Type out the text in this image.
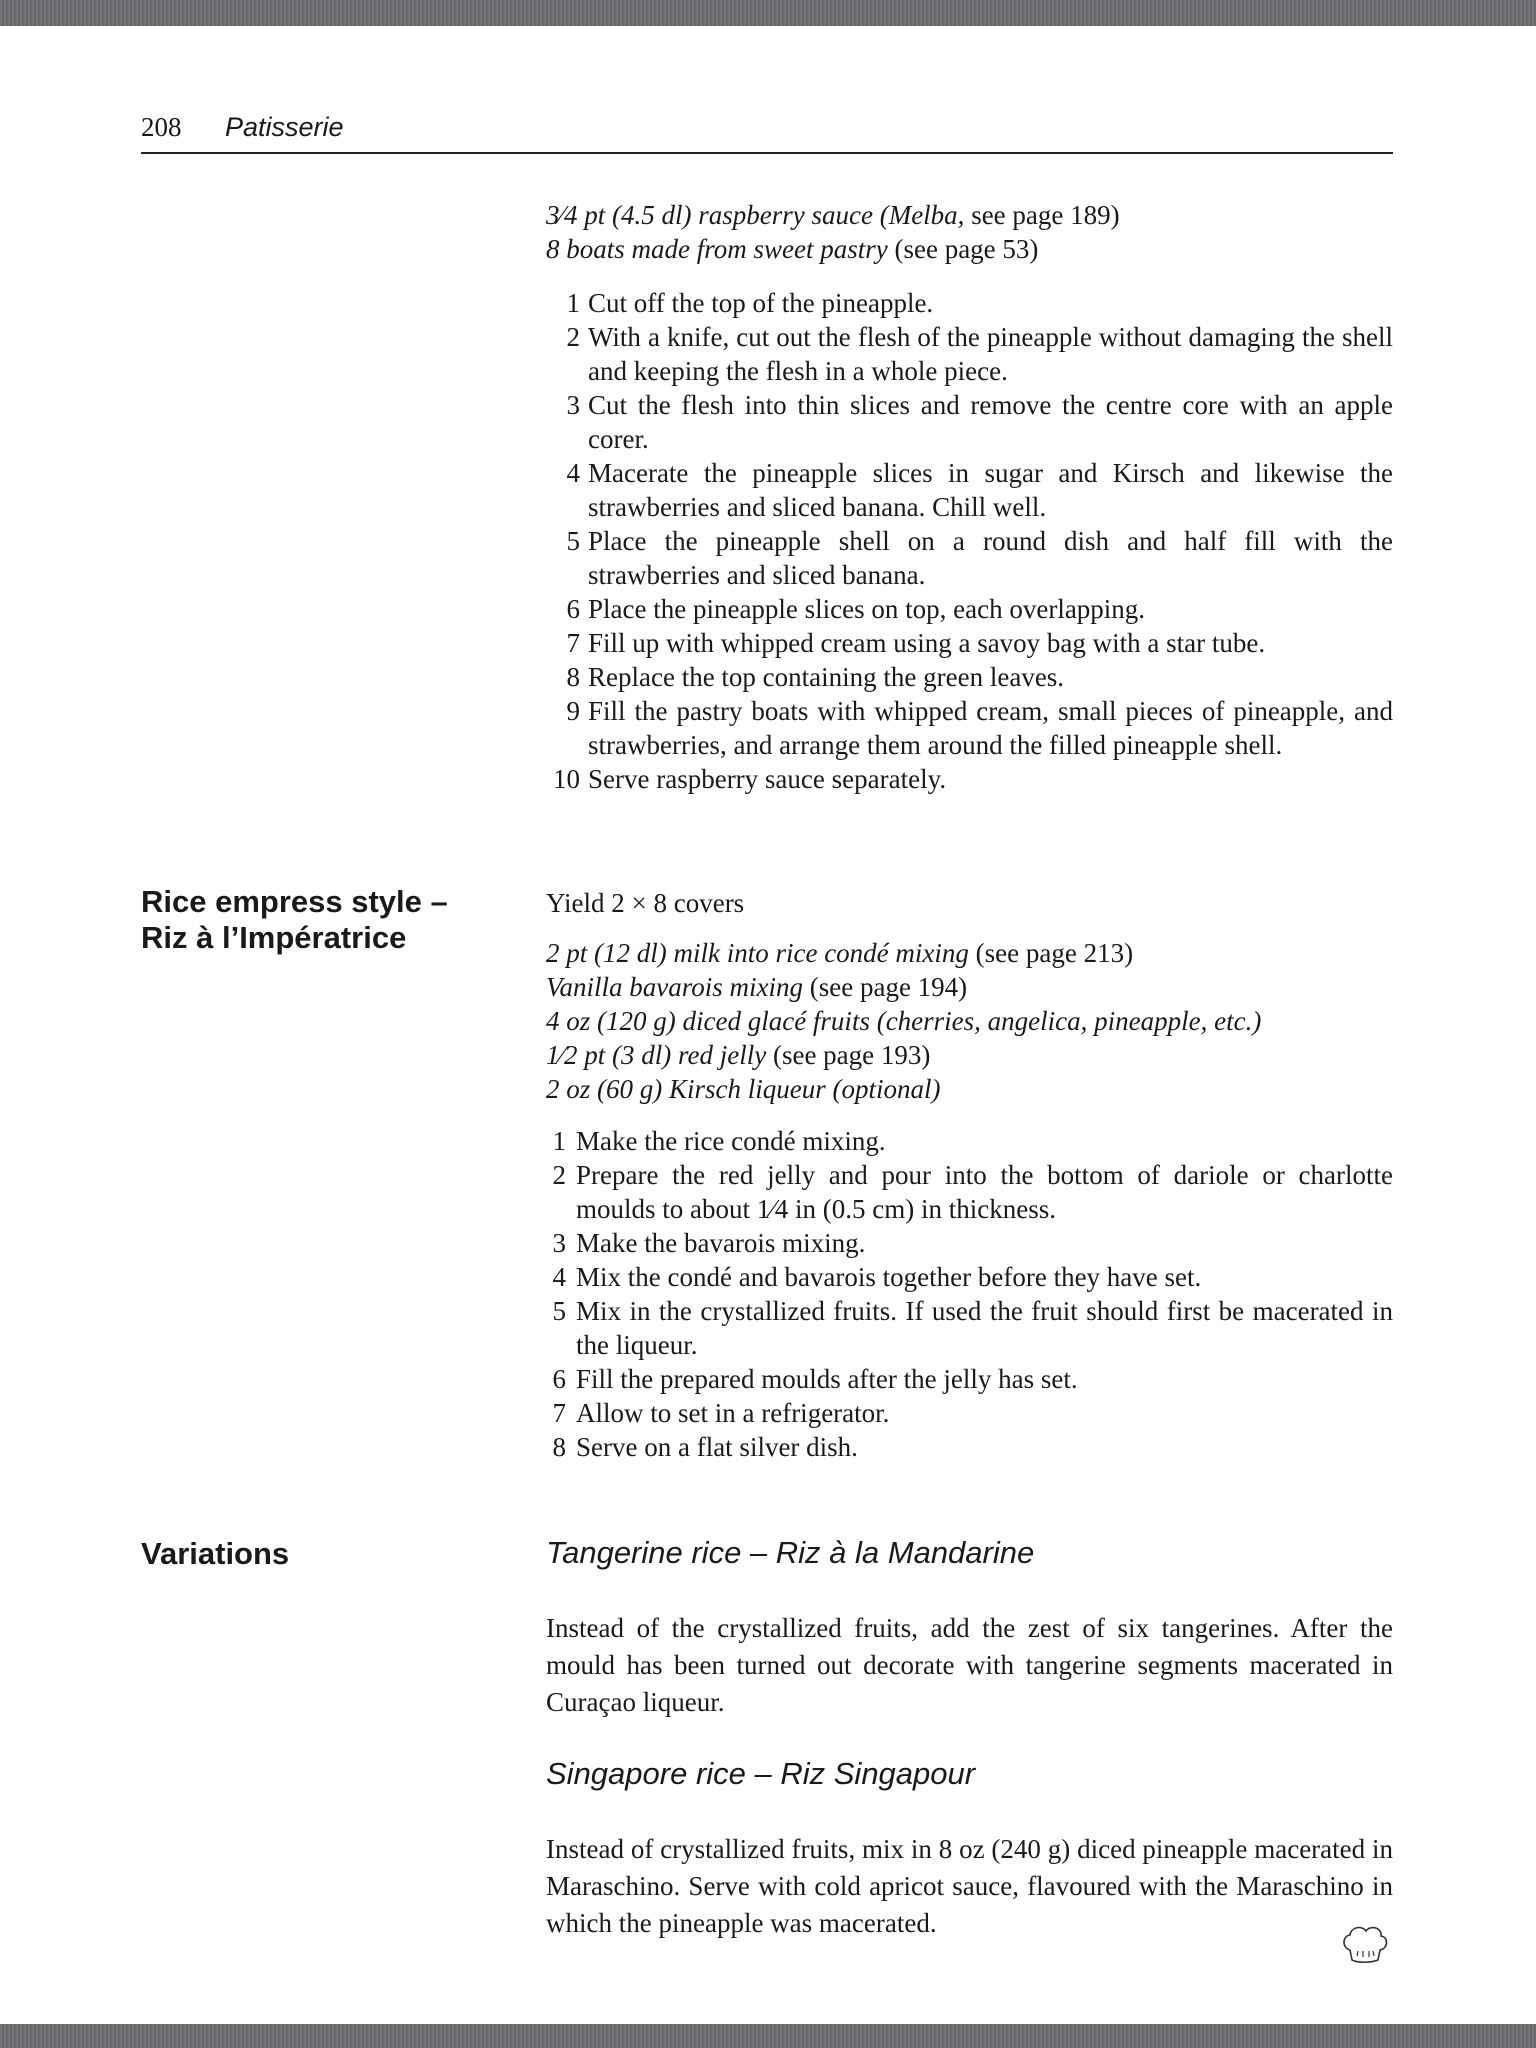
208 Patisserie
3⁄4 pt (4.5 dl) raspberry sauce (Melba, see page 189)
8 boats made from sweet pastry (see page 53)
1 Cut off the top of the pineapple.
2 With a knife, cut out the flesh of the pineapple without damaging the shell and keeping the flesh in a whole piece.
3 Cut the flesh into thin slices and remove the centre core with an apple corer.
4 Macerate the pineapple slices in sugar and Kirsch and likewise the strawberries and sliced banana. Chill well.
5 Place the pineapple shell on a round dish and half fill with the strawberries and sliced banana.
6 Place the pineapple slices on top, each overlapping.
7 Fill up with whipped cream using a savoy bag with a star tube.
8 Replace the top containing the green leaves.
9 Fill the pastry boats with whipped cream, small pieces of pineapple, and strawberries, and arrange them around the filled pineapple shell.
10 Serve raspberry sauce separately.
Rice empress style –
Riz à l’Impératrice
Yield 2 × 8 covers
2 pt (12 dl) milk into rice condé mixing (see page 213)
Vanilla bavarois mixing (see page 194)
4 oz (120 g) diced glacé fruits (cherries, angelica, pineapple, etc.)
1⁄2 pt (3 dl) red jelly (see page 193)
2 oz (60 g) Kirsch liqueur (optional)
1 Make the rice condé mixing.
2 Prepare the red jelly and pour into the bottom of dariole or charlotte moulds to about 1⁄4 in (0.5 cm) in thickness.
3 Make the bavarois mixing.
4 Mix the condé and bavarois together before they have set.
5 Mix in the crystallized fruits. If used the fruit should first be macerated in the liqueur.
6 Fill the prepared moulds after the jelly has set.
7 Allow to set in a refrigerator.
8 Serve on a flat silver dish.
Variations	Tangerine rice – Riz à la Mandarine
Instead of the crystallized fruits, add the zest of six tangerines. After the mould has been turned out decorate with tangerine segments macerated in Curaçao liqueur.
Singapore rice – Riz Singapour
Instead of crystallized fruits, mix in 8 oz (240 g) diced pineapple macerated in Maraschino. Serve with cold apricot sauce, flavoured with the Maraschino in which the pineapple was macerated.
